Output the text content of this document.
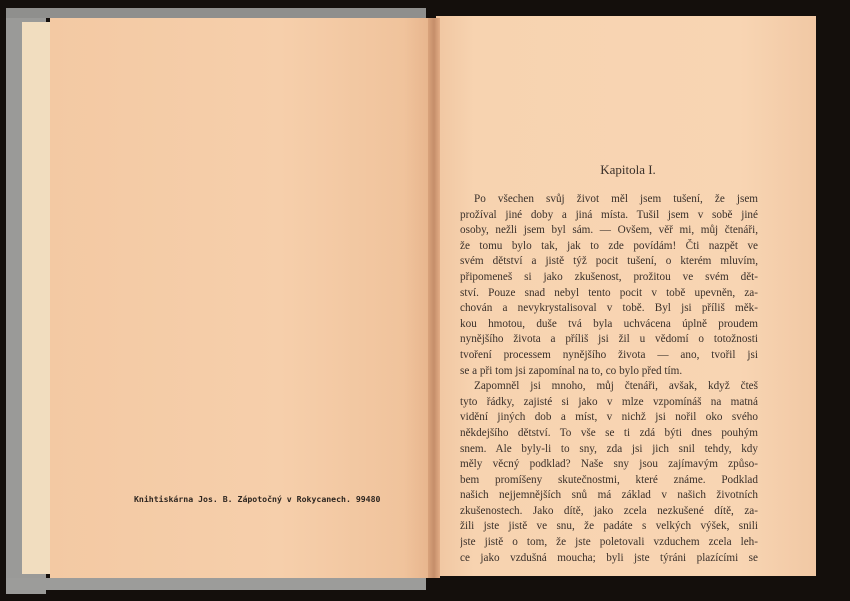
Knihtiskárna Jos. B. Zápotočný v Rokycanech. 99480
Kapitola I.
Po všechen svůj život měl jsem tušení, že jsem
prožíval jiné doby a jiná místa. Tušil jsem v sobě jiné
osoby, nežli jsem byl sám. — Ovšem, věř mi, můj čtenáři,
že tomu bylo tak, jak to zde povídám! Čti nazpět ve
svém dětství a jistě týž pocit tušení, o kterém mluvím,
připomeneš si jako zkušenost, prožitou ve svém dět-
ství. Pouze snad nebyl tento pocit v tobě upevněn, za-
chován a nevykrystalisoval v tobě. Byl jsi příliš měk-
kou hmotou, duše tvá byla uchvácena úplně proudem
nynějšího života a příliš jsi žil u vědomí o totožnosti
tvoření processem nynějšího života — ano, tvořil jsi
se a při tom jsi zapomínal na to, co bylo před tím.
Zapomněl jsi mnoho, můj čtenáři, avšak, když čteš
tyto řádky, zajisté si jako v mlze vzpomínáš na matná
vidění jiných dob a míst, v nichž jsi nořil oko svého
někdejšího dětství. To vše se ti zdá býti dnes pouhým
snem. Ale byly-li to sny, zda jsi jich snil tehdy, kdy
měly věcný podklad? Naše sny jsou zajímavým způso-
bem promíšeny skutečnostmi, které známe. Podklad
našich nejjemnějších snů má základ v našich životních
zkušenostech. Jako dítě, jako zcela nezkušené dítě, za-
žili jste jistě ve snu, že padáte s velkých výšek, snili
jste jistě o tom, že jste poletovali vzduchem zcela leh-
ce jako vzdušná moucha; byli jste týráni plazícími se
